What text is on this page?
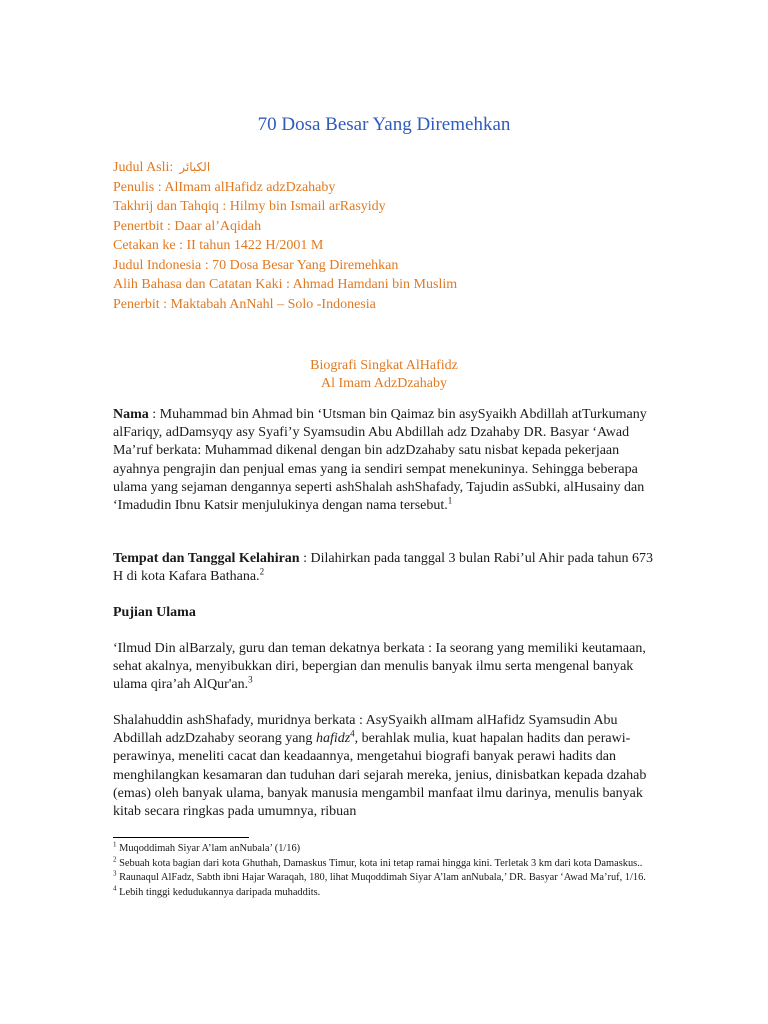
70 Dosa Besar Yang Diremehkan
Judul Asli: الكبائر
Penulis : AlImam alHafidz adzDzahaby
Takhrij dan Tahqiq : Hilmy bin Ismail arRasyidy
Penertbit : Daar al’Aqidah
Cetakan ke : II tahun 1422 H/2001 M
Judul Indonesia : 70 Dosa Besar Yang Diremehkan
Alih Bahasa dan Catatan Kaki : Ahmad Hamdani bin Muslim
Penerbit : Maktabah AnNahl – Solo -Indonesia
Biografi Singkat AlHafidz
Al Imam AdzDzahaby
Nama : Muhammad bin Ahmad bin ‘Utsman bin Qaimaz bin asySyaikh Abdillah atTurkumany alFariqy, adDamsyqy asy Syafi’y Syamsudin Abu Abdillah adz Dzahaby DR. Basyar ‘Awad Ma’ruf berkata: Muhammad dikenal dengan bin adzDzahaby satu nisbat kepada pekerjaan ayahnya pengrajin dan penjual emas yang ia sendiri sempat menekuninya. Sehingga beberapa ulama yang sejaman dengannya seperti ashShalah ashShafady, Tajudin asSubki, alHusainy dan ‘Imadudin Ibnu Katsir menjulukinya dengan nama tersebut.$^1$
Tempat dan Tanggal Kelahiran : Dilahirkan pada tanggal 3 bulan Rabi’ul Ahir pada tahun 673 H di kota Kafara Bathana.$^2$
Pujian Ulama
‘Ilmud Din alBarzaly, guru dan teman dekatnya berkata : Ia seorang yang memiliki keutamaan, sehat akalnya, menyibukkan diri, bepergian dan menulis banyak ilmu serta mengenal banyak ulama qira’ah AlQur'an.$^3$
Shalahuddin ashShafady, muridnya berkata : AsySyaikh alImam alHafidz Syamsudin Abu Abdillah adzDzahaby seorang yang hafidz$^4$, berahlak mulia, kuat hapalan hadits dan perawi-perawinya, meneliti cacat dan keadaannya, mengetahui biografi banyak perawi hadits dan menghilangkan kesamaran dan tuduhan dari sejarah mereka, jenius, dinisbatkan kepada dzahab (emas) oleh banyak ulama, banyak manusia mengambil manfaat ilmu darinya, menulis banyak kitab secara ringkas pada umumnya, ribuan
$^1$ Muqoddimah Siyar A’lam anNubala’ (1/16)
$^2$ Sebuah kota bagian dari kota Ghuthah, Damaskus Timur, kota ini tetap ramai hingga kini. Terletak 3 km dari kota Damaskus..
$^3$ Raunaqul AlFadz, Sabth ibni Hajar Waraqah, 180, lihat Muqoddimah Siyar A’lam anNubala,’ DR. Basyar ‘Awad Ma’ruf, 1/16.
$^4$ Lebih tinggi kedudukannya daripada muhaddits.
